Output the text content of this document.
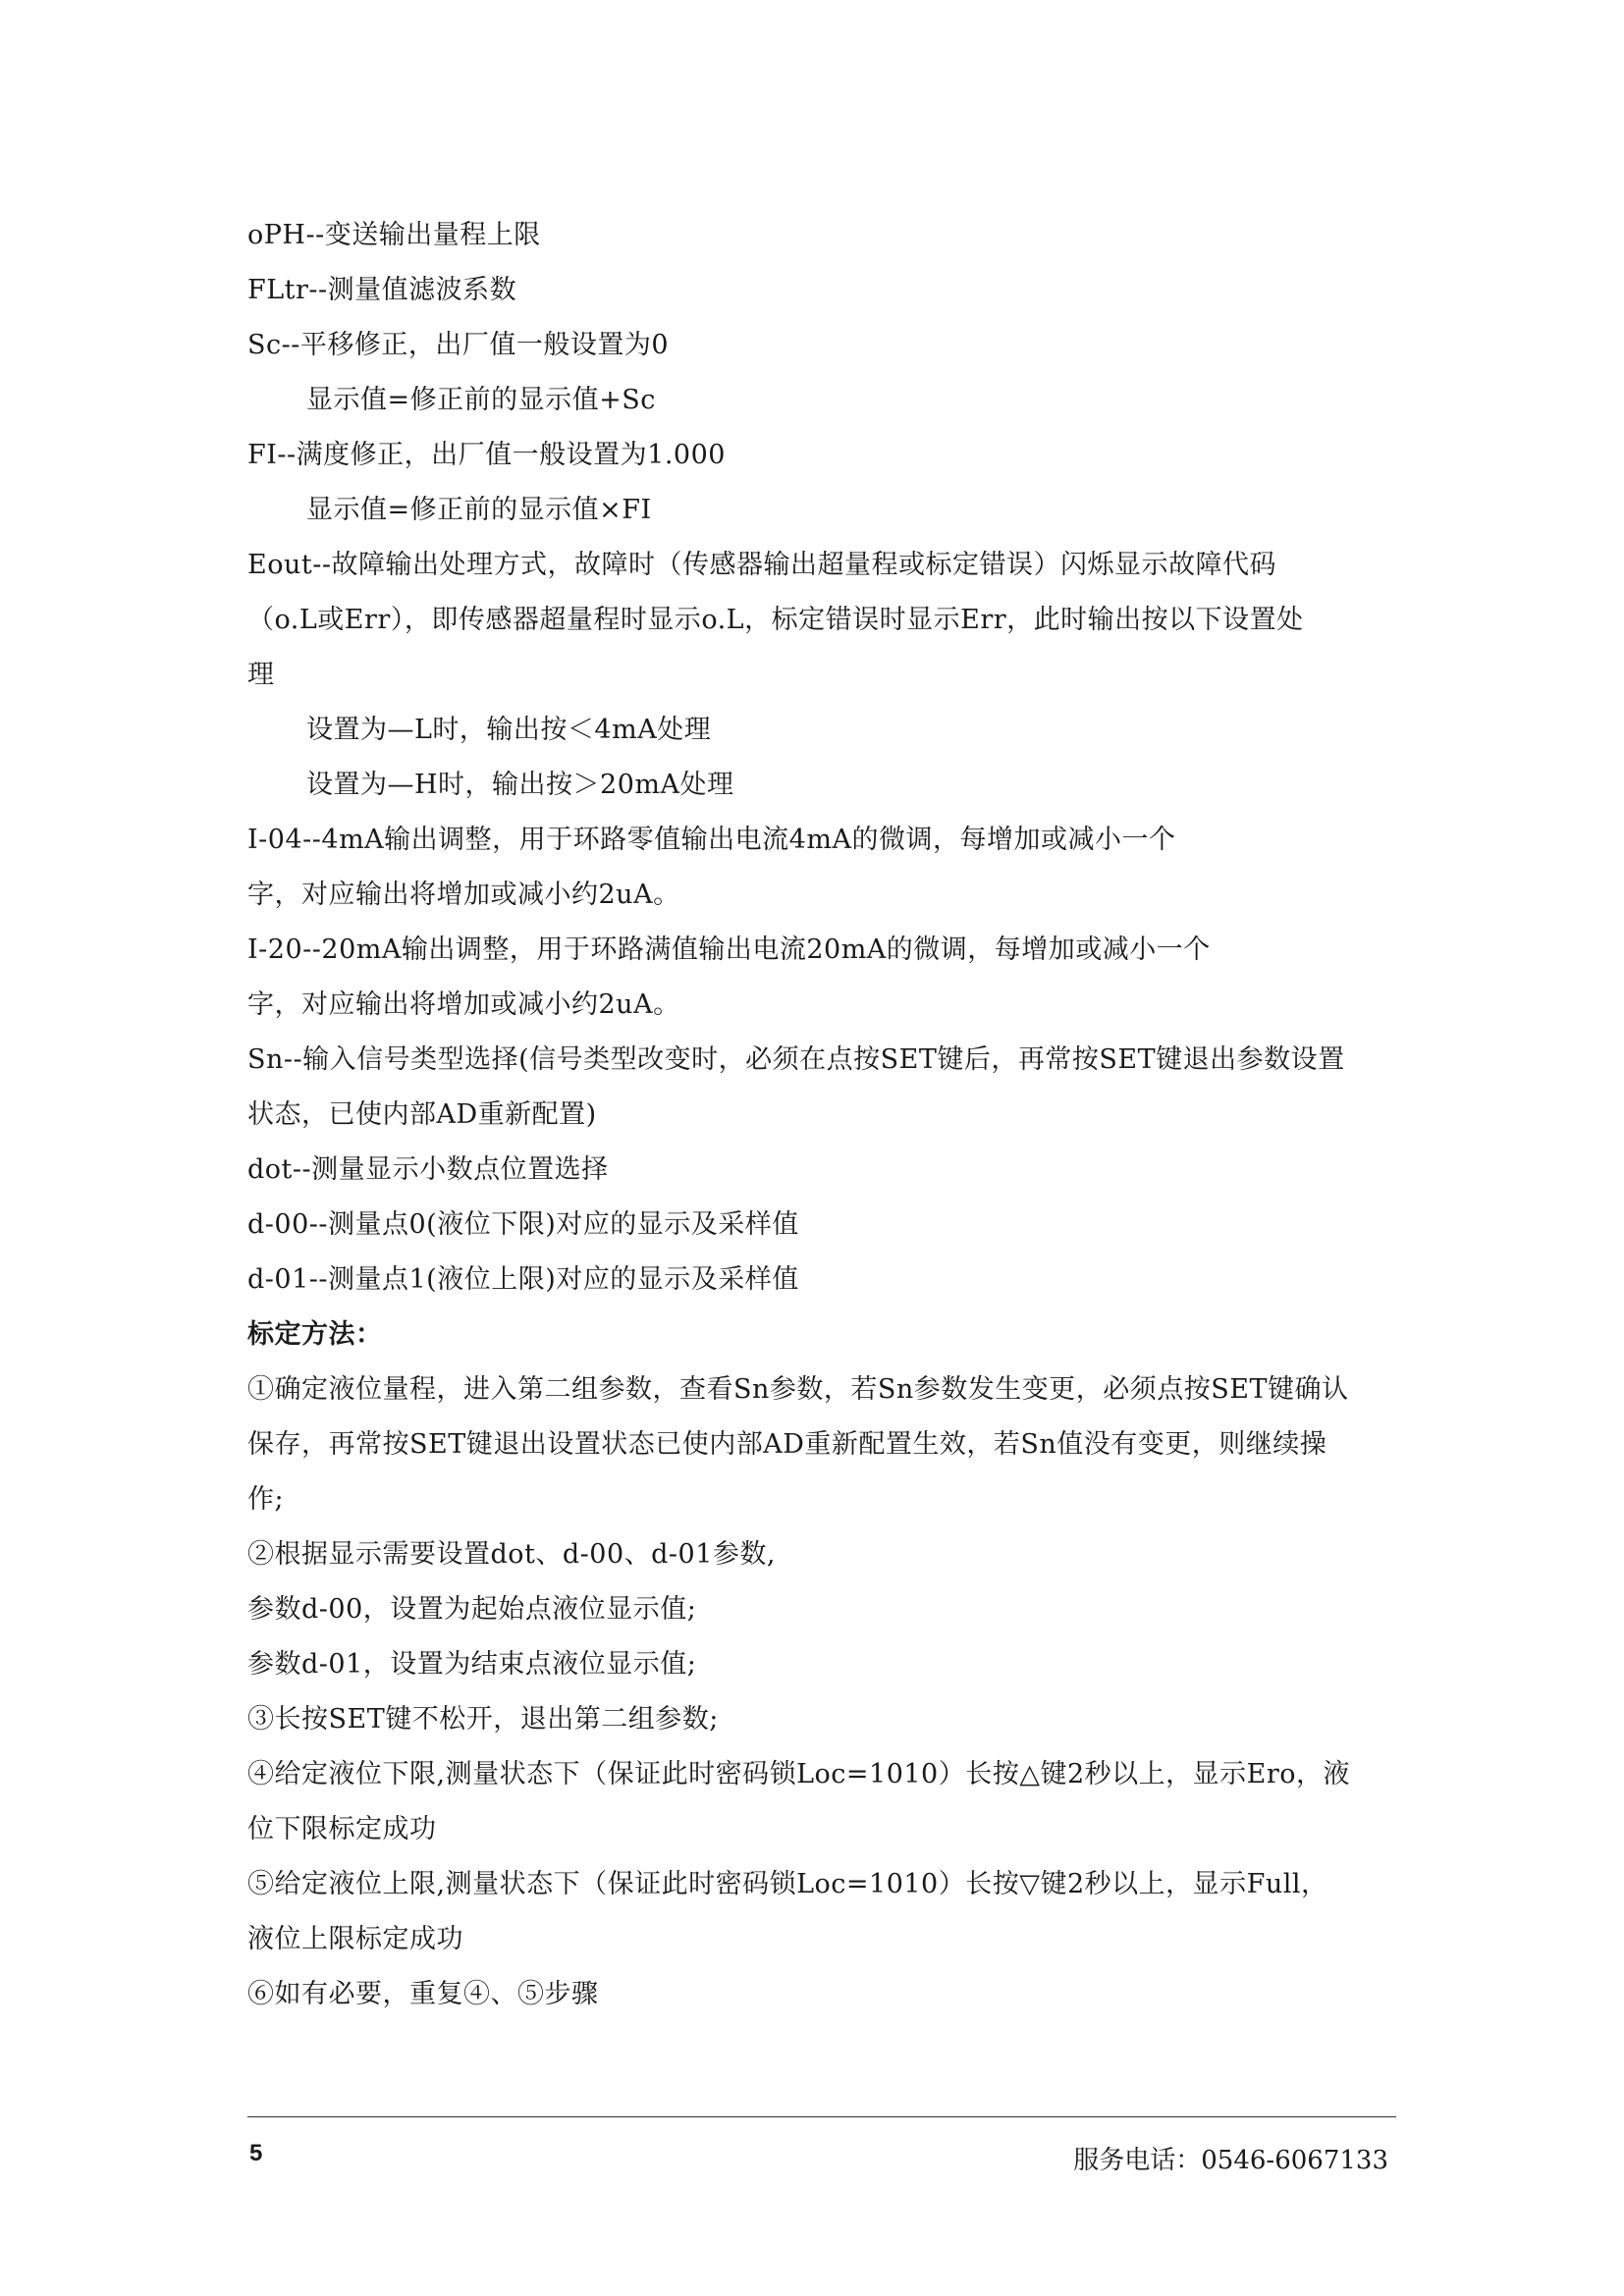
oPH--变送输出量程上限
FLtr--测量值滤波系数
Sc--平移修正，出厂值一般设置为0
显示值=修正前的显示值+Sc
FI--满度修正，出厂值一般设置为1.000
显示值=修正前的显示值×FI
Eout--故障输出处理方式，故障时（传感器输出超量程或标定错误）闪烁显示故障代码
（o.L或Err），即传感器超量程时显示o.L，标定错误时显示Err，此时输出按以下设置处
理
设置为—L时，输出按＜4mA处理
设置为—H时，输出按＞20mA处理
I-04--4mA输出调整，用于环路零值输出电流4mA的微调，每增加或减小一个
字，对应输出将增加或减小约2uA。
I-20--20mA输出调整，用于环路满值输出电流20mA的微调，每增加或减小一个
字，对应输出将增加或减小约2uA。
Sn--输入信号类型选择(信号类型改变时，必须在点按SET键后，再常按SET键退出参数设置
状态，已使内部AD重新配置)
dot--测量显示小数点位置选择
d-00--测量点0(液位下限)对应的显示及采样值
d-01--测量点1(液位上限)对应的显示及采样值
标定方法：
①确定液位量程，进入第二组参数，查看Sn参数，若Sn参数发生变更，必须点按SET键确认
保存，再常按SET键退出设置状态已使内部AD重新配置生效，若Sn值没有变更，则继续操
作;
②根据显示需要设置dot、d-00、d-01参数,
参数d-00，设置为起始点液位显示值;
参数d-01，设置为结束点液位显示值;
③长按SET键不松开，退出第二组参数;
④给定液位下限,测量状态下（保证此时密码锁Loc=1010）长按△键2秒以上，显示Ero，液
位下限标定成功
⑤给定液位上限,测量状态下（保证此时密码锁Loc=1010）长按▽键2秒以上，显示Full，
液位上限标定成功
⑥如有必要，重复④、⑤步骤
5	服务电话：0546-6067133
